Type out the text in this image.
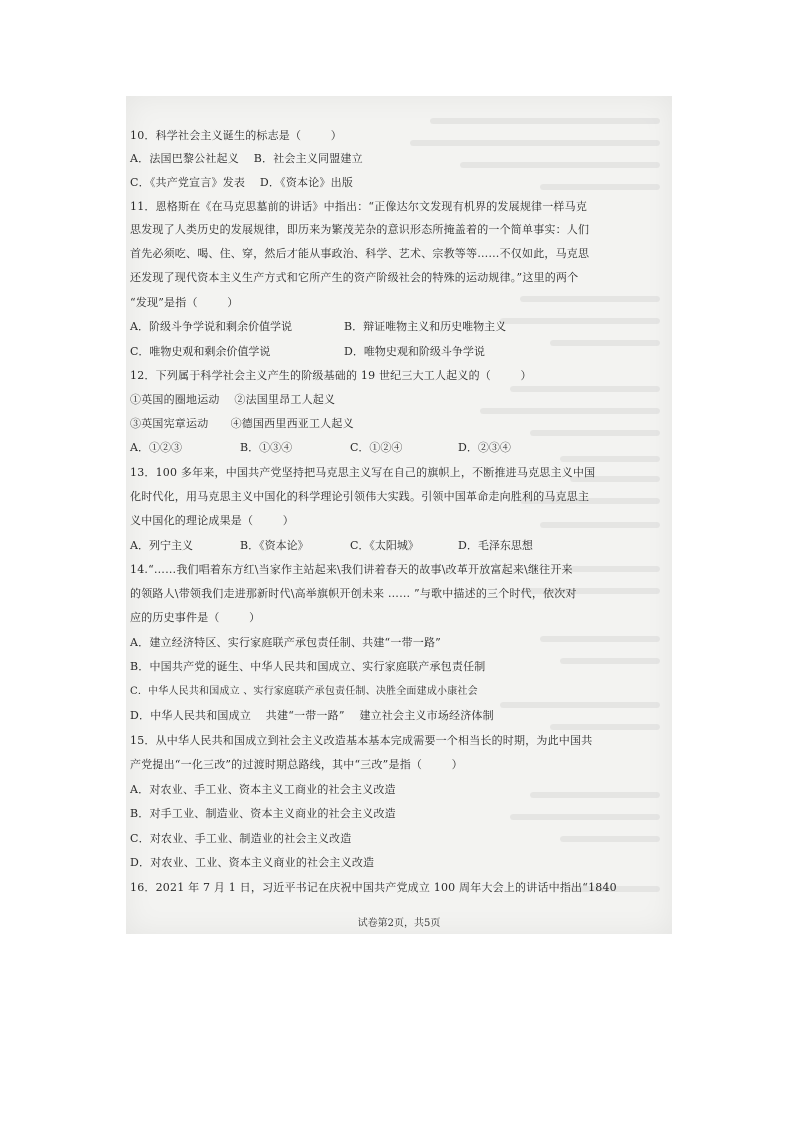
10．科学社会主义诞生的标志是（        ）
A．法国巴黎公社起义    B．社会主义同盟建立
C．《共产党宣言》发表    D．《资本论》出版
11．恩格斯在《在马克思墓前的讲话》中指出：“正像达尔文发现有机界的发展规律一样马克
思发现了人类历史的发展规律，即历来为繁茂芜杂的意识形态所掩盖着的一个简单事实：人们
首先必须吃、喝、住、穿，然后才能从事政治、科学、艺术、宗教等等……不仅如此，马克思
还发现了现代资本主义生产方式和它所产生的资产阶级社会的特殊的运动规律。”这里的两个
“发现”是指（        ）
A．阶级斗争学说和剩余价值学说	B．辩证唯物主义和历史唯物主义
C．唯物史观和剩余价值学说	D．唯物史观和阶级斗争学说
12．下列属于科学社会主义产生的阶级基础的 19 世纪三大工人起义的（        ）
①英国的圈地运动    ②法国里昂工人起义
③英国宪章运动      ④德国西里西亚工人起义
A．①②③	B．①③④	C．①②④	D．②③④
13．100 多年来，中国共产党坚持把马克思主义写在自己的旗帜上，不断推进马克思主义中国
化时代化，用马克思主义中国化的科学理论引领伟大实践。引领中国革命走向胜利的马克思主
义中国化的理论成果是（        ）
A．列宁主义	B．《资本论》	C．《太阳城》	D．毛泽东思想
14.“……我们唱着东方红\当家作主站起来\我们讲着春天的故事\改革开放富起来\继往开来
的领路人\带领我们走进那新时代\高举旗帜开创未来 …… ”与歌中描述的三个时代，依次对
应的历史事件是（        ）
A．建立经济特区、实行家庭联产承包责任制、共建“一带一路”
B．中国共产党的诞生、中华人民共和国成立、实行家庭联产承包责任制
C．中华人民共和国成立 、实行家庭联产承包责任制、决胜全面建成小康社会
D．中华人民共和国成立    共建“一带一路”    建立社会主义市场经济体制
15．从中华人民共和国成立到社会主义改造基本基本完成需要一个相当长的时期，为此中国共
产党提出“一化三改”的过渡时期总路线，其中“三改”是指（        ）
A．对农业、手工业、资本主义工商业的社会主义改造
B．对手工业、制造业、资本主义商业的社会主义改造
C．对农业、手工业、制造业的社会主义改造
D．对农业、工业、资本主义商业的社会主义改造
16．2021 年 7 月 1 日，习近平书记在庆祝中国共产党成立 100 周年大会上的讲话中指出“1840
试卷第2页，共5页
